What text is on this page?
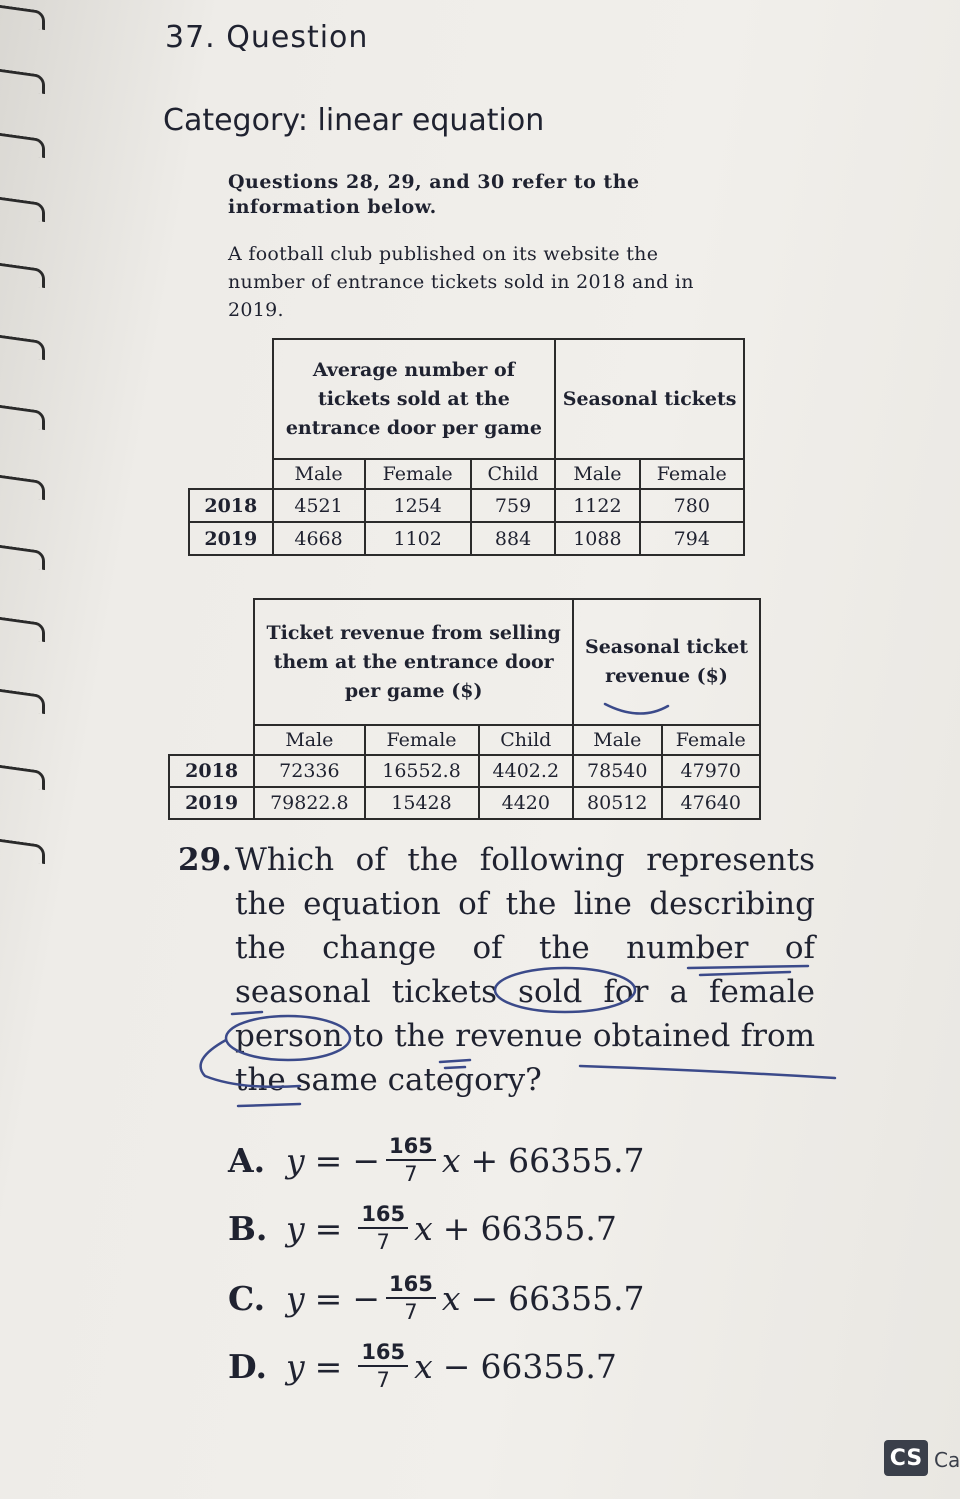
37. Question
Category: linear equation
Questions 28, 29, and 30 refer to the information below.
A football club published on its website the number of entrance tickets sold in 2018 and in 2019.
	Average number of tickets sold at the entrance door per game			Seasonal tickets	
	Male	Female	Child	Male	Female
2018	4521	1254	759	1122	780
2019	4668	1102	884	1088	794
	Ticket revenue from selling them at the entrance door per game ($)			Seasonal ticket revenue ($)	
	Male	Female	Child	Male	Female
2018	72336	16552.8	4402.2	78540	47970
2019	79822.8	15428	4420	80512	47640
29. Which of the following represents the equation of the line describing the change of the number of seasonal tickets sold for a female person to the revenue obtained from the same category?
A. y = − $\frac{165}{7}$ x + 66355.7
B. $y = \frac{165}{7}$ x + 66355.7
C. y = − $\frac{165}{7}$ x − 66355.7
D. $y = \frac{165}{7}$ x − 66355.7
CS Ca
